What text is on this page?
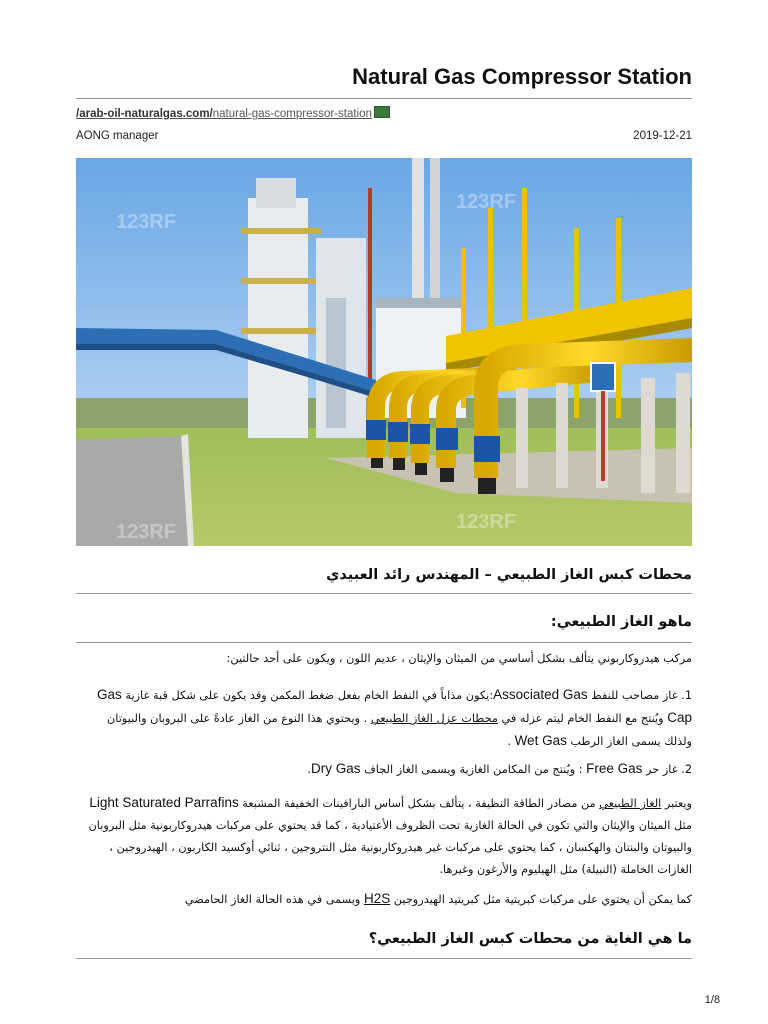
Natural Gas Compressor Station
/arab-oil-naturalgas.com/natural-gas-compressor-station
AONG manager	2019-12-21
123RF
123RF
123RF	123RF
محطات كبس الغاز الطبيعي – المهندس رائد العبيدي
ماهو الغاز الطبيعي:
مركب هيدروكاربوني يتألف بشكل أساسي من الميثان والإيثان ، عديم اللون ، ويكون على أحد حالتين:
1. غاز مصاحب للنفط Associated Gas:يكون مذاباً في النفط الخام بفعل ضغط المكمن وقد يكون على شكل قبة غازية Gas Cap ويُنتج مع النفط الخام ليتم عزله في محطات عزل الغاز الطبيعي . ويحتوي هذا النوع من الغاز عادةً على البروبان والبيوتان ولذلك يسمى الغاز الرطب Wet Gas .
2. غاز حر Free Gas : ويُنتج من المكامن الغازية ويسمى الغاز الجاف Dry Gas.
ويعتبر الغاز الطبيعي من مصادر الطاقة النظيفة ، يتألف بشكل أساس البارافينات الخفيفة المشبعة Light Saturated Parrafins مثل الميثان والإيثان والتي تكون في الحالة الغازية تحت الظروف الأعتيادية ، كما قد يحتوي على مركبات هيدروكاربونية مثل البروبان والبيوتان والبنتان والهكسان ، كما يحتوي على مركبات غير هيدروكاربونية مثل النتروجين ، ثنائي أوكسيد الكاربون ، الهيدروجين ، الغازات الخاملة (النبيلة) مثل الهيليوم والأرغون وغيرها.
كما يمكن أن يحتوي على مركبات كبريتية مثل كبريتيد الهيدروجين H2S ويسمى في هذه الحالة الغاز الحامضي
ما هي الغاية من محطات كبس الغاز الطبيعي؟
1/8
